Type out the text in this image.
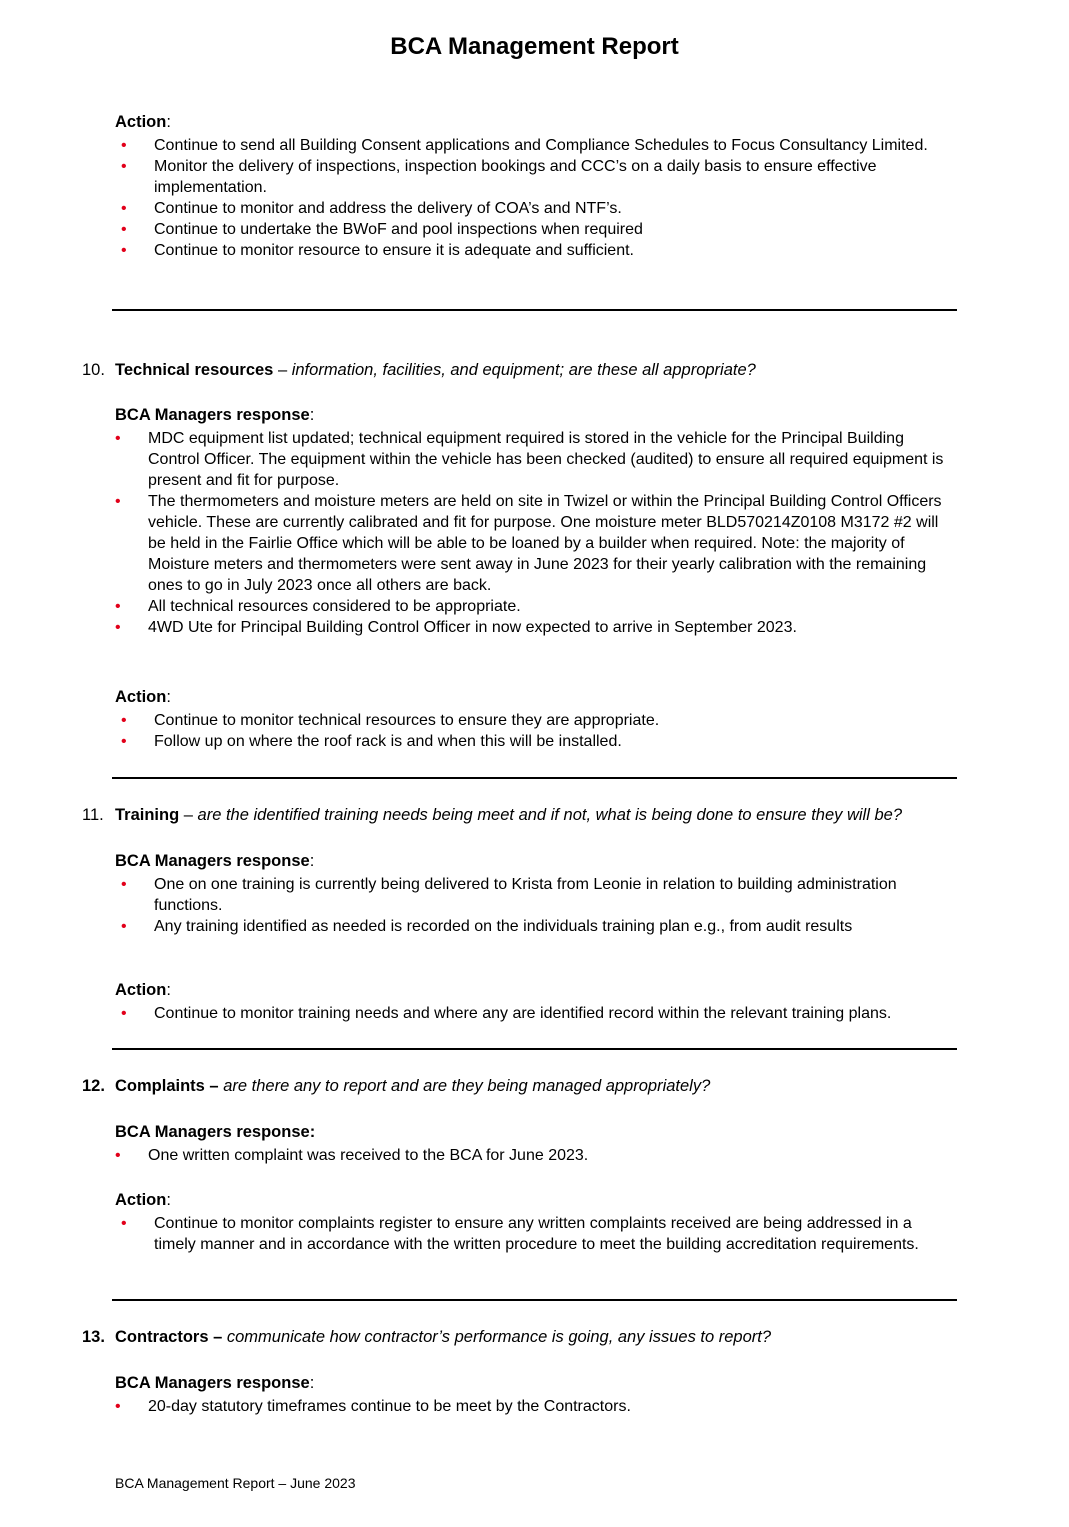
BCA Management Report
Action:
• Continue to send all Building Consent applications and Compliance Schedules to Focus Consultancy Limited.
• Monitor the delivery of inspections, inspection bookings and CCC’s on a daily basis to ensure effective implementation.
• Continue to monitor and address the delivery of COA’s and NTF’s.
• Continue to undertake the BWoF and pool inspections when required
• Continue to monitor resource to ensure it is adequate and sufficient.
10. Technical resources – information, facilities, and equipment; are these all appropriate?
BCA Managers response:
• MDC equipment list updated; technical equipment required is stored in the vehicle for the Principal Building Control Officer. The equipment within the vehicle has been checked (audited) to ensure all required equipment is present and fit for purpose.
• The thermometers and moisture meters are held on site in Twizel or within the Principal Building Control Officers vehicle. These are currently calibrated and fit for purpose. One moisture meter BLD570214Z0108 M3172 #2 will be held in the Fairlie Office which will be able to be loaned by a builder when required. Note: the majority of Moisture meters and thermometers were sent away in June 2023 for their yearly calibration with the remaining ones to go in July 2023 once all others are back.
• All technical resources considered to be appropriate.
• 4WD Ute for Principal Building Control Officer in now expected to arrive in September 2023.
Action:
• Continue to monitor technical resources to ensure they are appropriate.
• Follow up on where the roof rack is and when this will be installed.
11. Training – are the identified training needs being meet and if not, what is being done to ensure they will be?
BCA Managers response:
• One on one training is currently being delivered to Krista from Leonie in relation to building administration functions.
• Any training identified as needed is recorded on the individuals training plan e.g., from audit results
Action:
• Continue to monitor training needs and where any are identified record within the relevant training plans.
12. Complaints – are there any to report and are they being managed appropriately?
BCA Managers response:
• One written complaint was received to the BCA for June 2023.
Action:
• Continue to monitor complaints register to ensure any written complaints received are being addressed in a timely manner and in accordance with the written procedure to meet the building accreditation requirements.
13. Contractors – communicate how contractor’s performance is going, any issues to report?
BCA Managers response:
• 20-day statutory timeframes continue to be meet by the Contractors.
BCA Management Report – June 2023
